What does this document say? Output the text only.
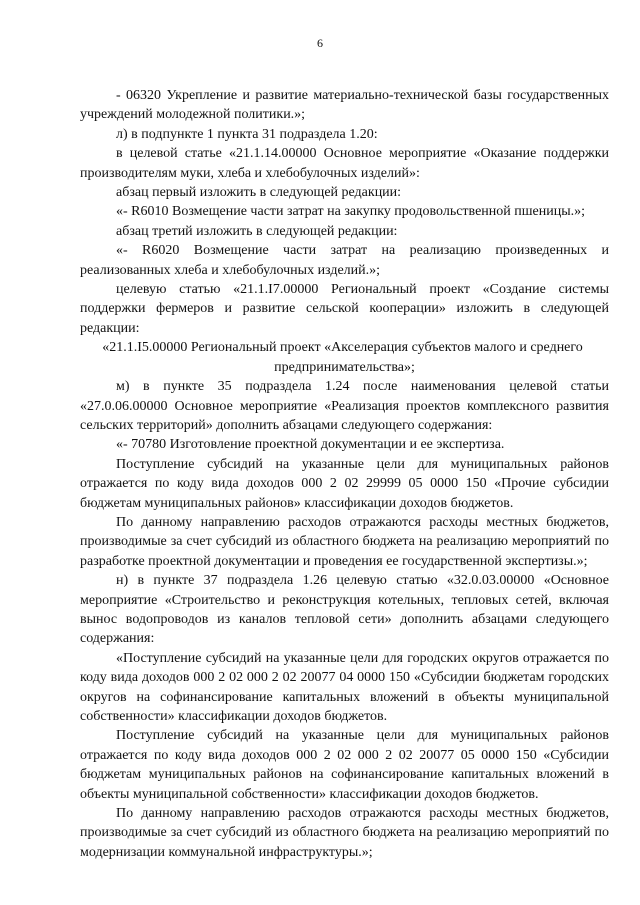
6

- 06320 Укрепление и развитие материально-технической базы государственных учреждений молодежной политики.»;

л) в подпункте 1 пункта 31 подраздела 1.20:

в целевой статье «21.1.14.00000 Основное мероприятие «Оказание поддержки производителям муки, хлеба и хлебобулочных изделий»:

абзац первый изложить в следующей редакции:

«- R6010 Возмещение части затрат на закупку продовольственной пшеницы.»;

абзац третий изложить в следующей редакции:

«- R6020 Возмещение части затрат на реализацию произведенных и реализованных хлеба и хлебобулочных изделий.»;

целевую статью «21.1.I7.00000 Региональный проект «Создание системы поддержки фермеров и развитие сельской кооперации» изложить в следующей редакции:

«21.1.I5.00000 Региональный проект «Акселерация субъектов малого и среднего предпринимательства»;

м) в пункте 35 подраздела 1.24 после наименования целевой статьи «27.0.06.00000 Основное мероприятие «Реализация проектов комплексного развития сельских территорий» дополнить абзацами следующего содержания:

«- 70780 Изготовление проектной документации и ее экспертиза.

Поступление субсидий на указанные цели для муниципальных районов отражается по коду вида доходов 000 2 02 29999 05 0000 150 «Прочие субсидии бюджетам муниципальных районов» классификации доходов бюджетов.

По данному направлению расходов отражаются расходы местных бюджетов, производимые за счет субсидий из областного бюджета на реализацию мероприятий по разработке проектной документации и проведения ее государственной экспертизы.»;

н) в пункте 37 подраздела 1.26 целевую статью «32.0.03.00000 «Основное мероприятие «Строительство и реконструкция котельных, тепловых сетей, включая вынос водопроводов из каналов тепловой сети» дополнить абзацами следующего содержания:

«Поступление субсидий на указанные цели для городских округов отражается по коду вида доходов 000 2 02 000 2 02 20077 04 0000 150 «Субсидии бюджетам городских округов на софинансирование капитальных вложений в объекты муниципальной собственности» классификации доходов бюджетов.

Поступление субсидий на указанные цели для муниципальных районов отражается по коду вида доходов 000 2 02 000 2 02 20077 05 0000 150 «Субсидии бюджетам муниципальных районов на софинансирование капитальных вложений в объекты муниципальной собственности» классификации доходов бюджетов.

По данному направлению расходов отражаются расходы местных бюджетов, производимые за счет субсидий из областного бюджета на реализацию мероприятий по модернизации коммунальной инфраструктуры.»;
